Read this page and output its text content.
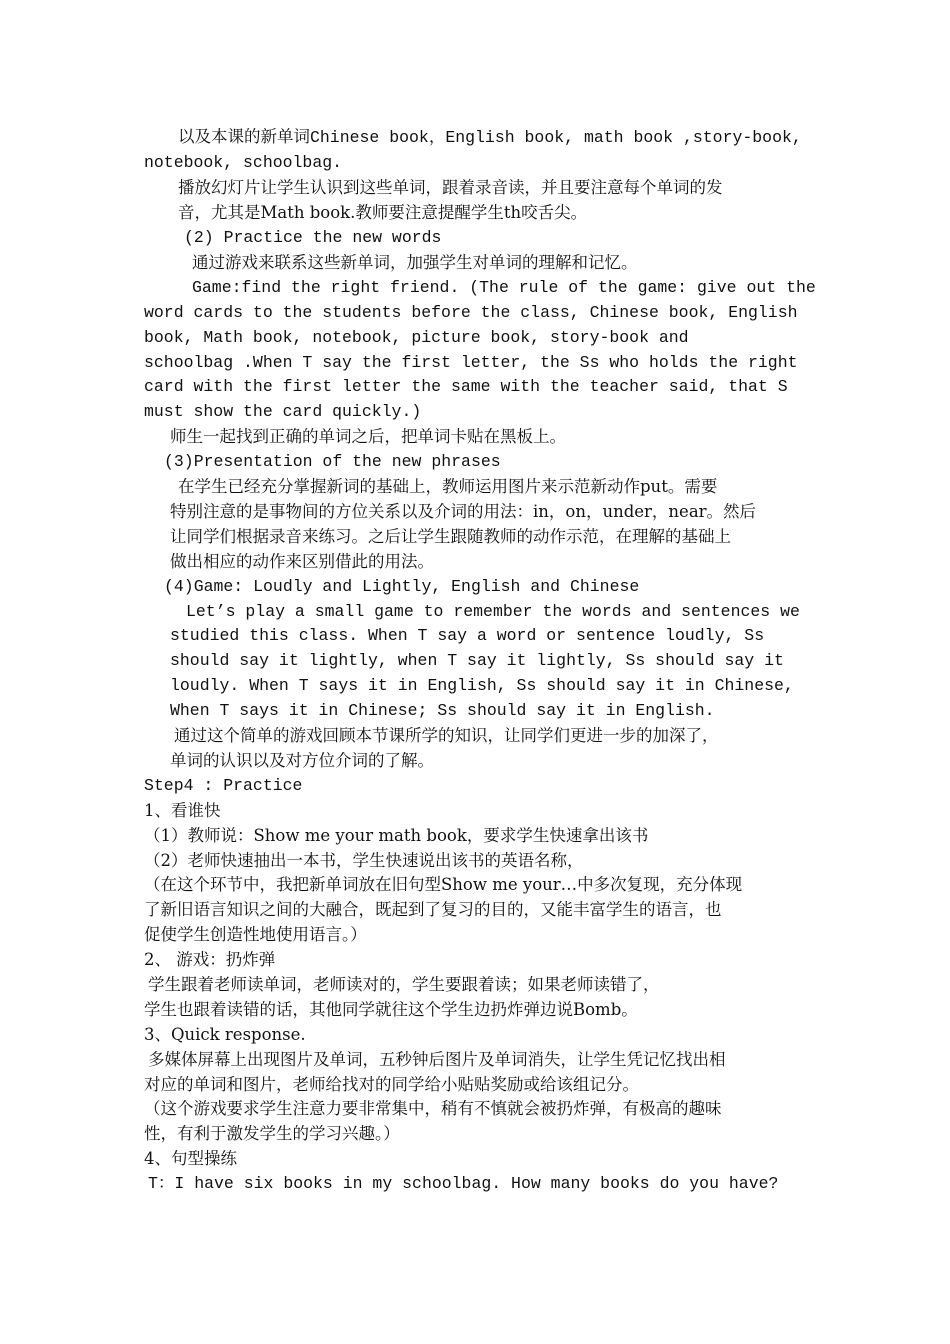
以及本课的新单词Chinese book，English book, math book ,story-book,

notebook, schoolbag.

播放幻灯片让学生认识到这些单词，跟着录音读，并且要注意每个单词的发

音，尤其是Math book.教师要注意提醒学生th咬舌尖。

(2) Practice the new words

通过游戏来联系这些新单词，加强学生对单词的理解和记忆。

Game:find the right friend. (The rule of the game: give out the

word cards to the students before the class, Chinese book, English

book, Math book, notebook, picture book, story-book and

schoolbag .When T say the first letter, the Ss who holds the right

card with the first letter the same with the teacher said, that S

must show the card quickly.)

师生一起找到正确的单词之后，把单词卡贴在黑板上。

(3)Presentation of the new phrases

在学生已经充分掌握新词的基础上，教师运用图片来示范新动作put。需要

特别注意的是事物间的方位关系以及介词的用法：in，on，under，near。然后

让同学们根据录音来练习。之后让学生跟随教师的动作示范，在理解的基础上

做出相应的动作来区别借此的用法。

(4)Game: Loudly and Lightly, English and Chinese

Let’s play a small game to remember the words and sentences we

studied this class. When T say a word or sentence loudly, Ss

should say it lightly, when T say it lightly, Ss should say it

loudly. When T says it in English, Ss should say it in Chinese,

When T says it in Chinese; Ss should say it in English.

通过这个简单的游戏回顾本节课所学的知识，让同学们更进一步的加深了，

单词的认识以及对方位介词的了解。

Step4 : Practice

1、看谁快

（1）教师说：Show me your math book，要求学生快速拿出该书

（2）老师快速抽出一本书，学生快速说出该书的英语名称，

（在这个环节中，我把新单词放在旧句型Show me your…中多次复现，充分体现

了新旧语言知识之间的大融合，既起到了复习的目的，又能丰富学生的语言，也

促使学生创造性地使用语言。）

2、 游戏：扔炸弹

学生跟着老师读单词，老师读对的，学生要跟着读；如果老师读错了，

学生也跟着读错的话，其他同学就往这个学生边扔炸弹边说Bomb。

3、Quick response.

多媒体屏幕上出现图片及单词，五秒钟后图片及单词消失，让学生凭记忆找出相

对应的单词和图片，老师给找对的同学给小贴贴奖励或给该组记分。

（这个游戏要求学生注意力要非常集中，稍有不慎就会被扔炸弹，有极高的趣味

性，有利于激发学生的学习兴趣。）

4、句型操练

T：I have six books in my schoolbag. How many books do you have?
